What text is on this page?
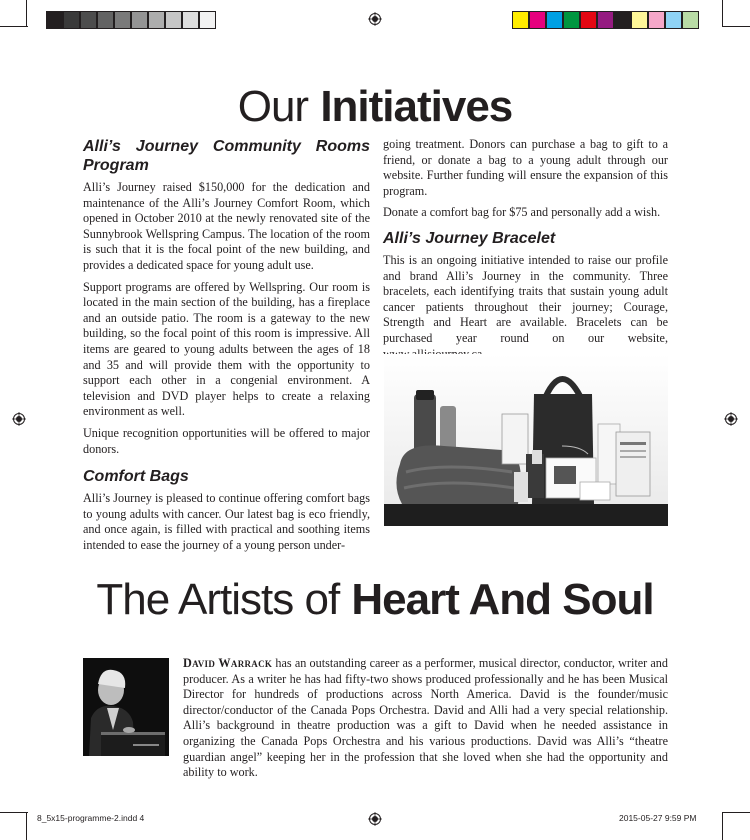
Our Initiatives
Alli’s Journey Community Rooms Program

Alli’s Journey raised $150,000 for the dedication and maintenance of the Alli’s Journey Comfort Room, which opened in October 2010 at the newly renovated site of the Sunnybrook Wellspring Campus. The location of the room is such that it is the focal point of the new building, and provides a dedicated space for young adult use.

Support programs are offered by Wellspring. Our room is located in the main section of the building, has a fireplace and an outside patio. The room is a gateway to the new building, so the focal point of this room is impressive. All items are geared to young adults between the ages of 18 and 35 and will provide them with the opportunity to support each other in a congenial environment. A television and DVD player helps to create a relaxing environment as well.

Unique recognition opportunities will be offered to major donors.

Comfort Bags

Alli’s Journey is pleased to continue offering comfort bags to young adults with cancer. Our latest bag is eco friendly, and once again, is filled with practical and soothing items intended to ease the journey of a young person under-

going treatment. Donors can purchase a bag to gift to a friend, or donate a bag to a young adult through our website. Further funding will ensure the expansion of this program.

Donate a comfort bag for $75 and personally add a wish.

Alli’s Journey Bracelet

This is an ongoing initiative intended to raise our profile and brand Alli’s Journey in the community. Three bracelets, each identifying traits that sustain young adult cancer patients throughout their journey; Courage, Strength and Heart are available. Bracelets can be purchased year round on our website,

The Artists of Heart And Soul
David Warrack has an outstanding career as a performer, musical director, conductor, writer and producer. As a writer he has had fifty-two shows produced professionally and he has been Musical Director for hundreds of productions across North America. David is the founder/music director/conductor of the Canada Pops Orchestra. David and Alli had a very special relationship. Alli’s background in theatre production was a gift to David when he needed assistance in organizing the Canada Pops Orchestra and his various productions. David was Alli’s “theatre guardian angel” keeping her in the profession that she loved when she had the opportunity and ability to work.
8_5x15-programme-2.indd 4	2015-05-27 9:59 PM
